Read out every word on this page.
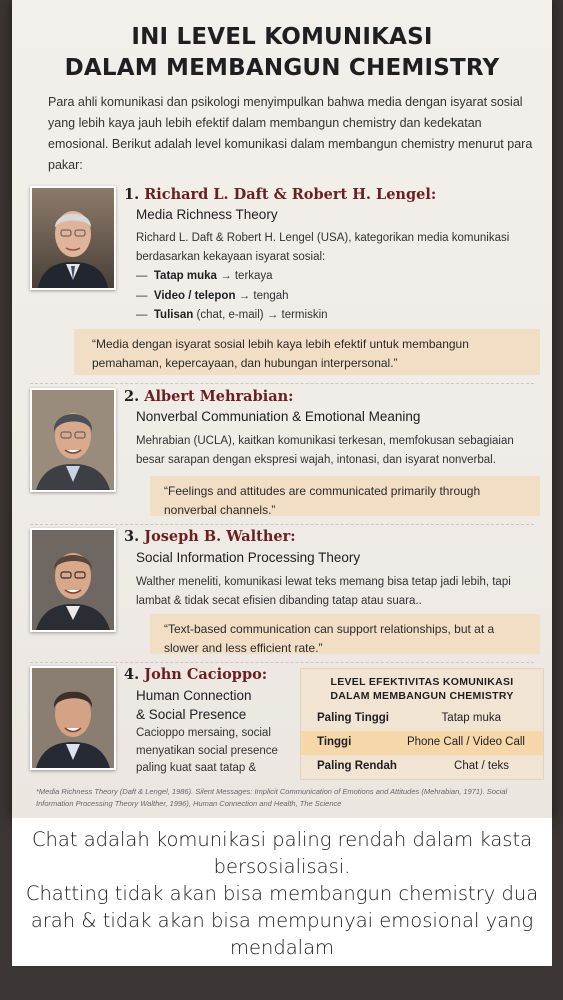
INI LEVEL KOMUNIKASI
DALAM MEMBANGUN CHEMISTRY
Para ahli komunikasi dan psikologi menyimpulkan bahwa media dengan isyarat sosial yang lebih kaya jauh lebih efektif dalam membangun chemistry dan kedekatan emosional. Berikut adalah level komunikasi dalam membangun chemistry menurut para pakar:
1. Richard L. Daft & Robert H. Lengel:
Media Richness Theory
Richard L. Daft & Robert H. Lengel (USA), kategorikan media komunikasi berdasarkan kekayaan isyarat sosial:
— Tatap muka → terkaya
— Video / telepon → tengah
— Tulisan (chat, e-mail) → termiskin
“Media dengan isyarat sosial lebih kaya lebih efektif untuk membangun pemahaman, kepercayaan, dan hubungan interpersonal.”
2. Albert Mehrabian:
Nonverbal Communiation & Emotional Meaning
Mehrabian (UCLA), kaitkan komunikasi terkesan, memfokusan sebagiaian besar sarapan dengan ekspresi wajah, intonasi, dan isyarat nonverbal.
“Feelings and attitudes are communicated primarily through nonverbal channels.”
3. Joseph B. Walther:
Social Information Processing Theory
Walther meneliti, komunikasi lewat teks memang bisa tetap jadi lebih, tapi lambat & tidak secat efisien dibanding tatap atau suara..
“Text-based communication can support relationships, but at a slower and less efficient rate.”
4. John Cacioppo:
Human Connection
& Social Presence
Cacioppo mersaing, social menyatikan social presence paling kuat saat tatap &
LEVEL EFEKTIVITAS KOMUNIKASI
DALAM MEMBANGUN CHEMISTRY
Paling Tinggi	Tatap muka
Tinggi	Phone Call / Video Call
Paling Rendah	Chat / teks
*Media Richness Theory (Daft & Lengel, 1986). Silent Messages: Implicit Communication of Emotions and Attitudes (Mehrabian, 1971). Social Information Processing Theory Walther, 1996), Human Connection and Health, The Science
Chat adalah komunikasi paling rendah dalam kasta
bersosialisasi.
Chatting tidak akan bisa membangun chemistry dua
arah & tidak akan bisa mempunyai emosional yang
mendalam
